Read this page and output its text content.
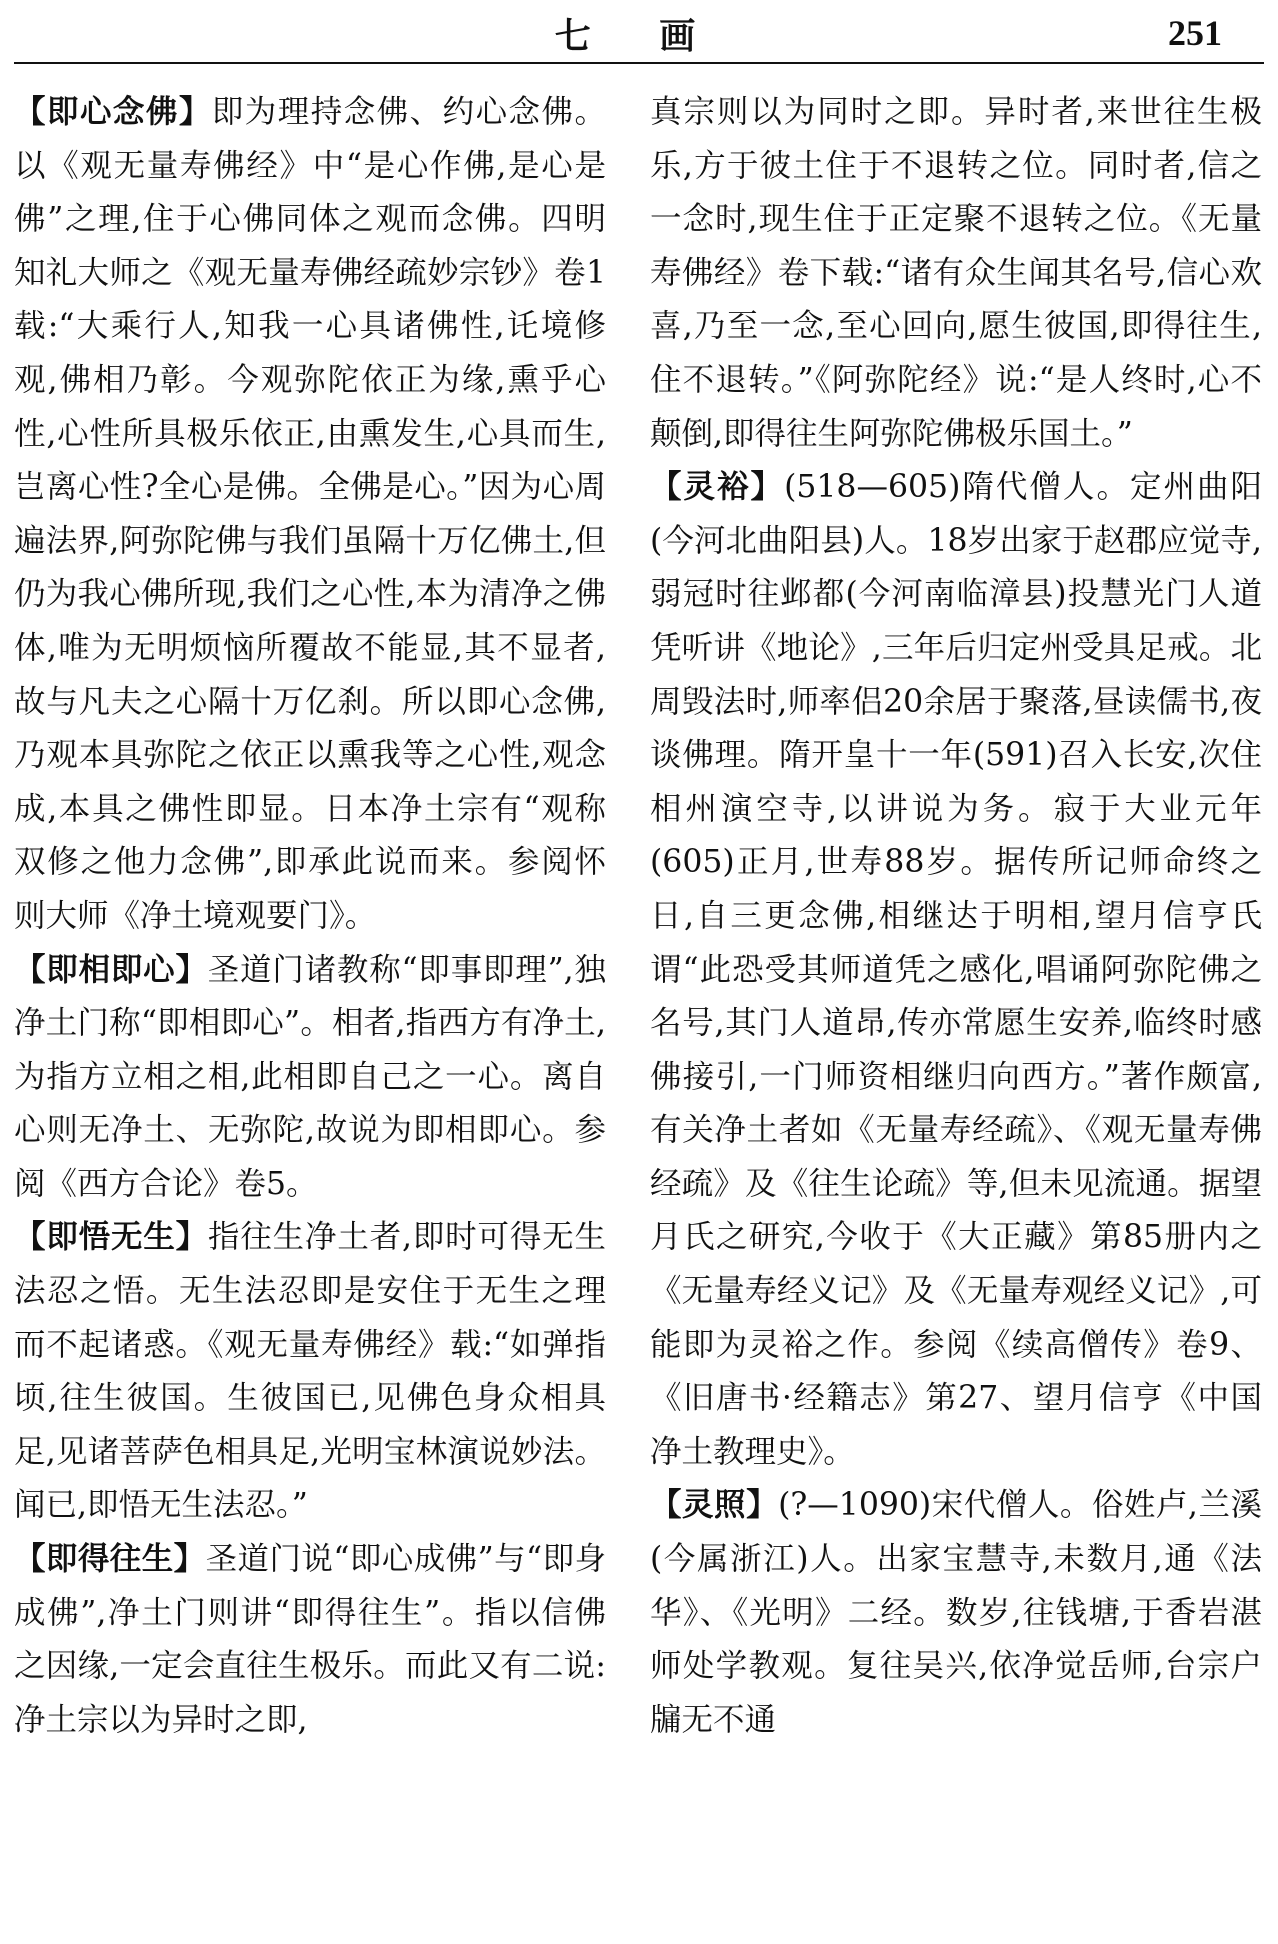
七 画	251

【即心念佛】即为理持念佛、约心念佛。以《观无量寿佛经》中“是心作佛,是心是佛”之理,住于心佛同体之观而念佛。四明知礼大师之《观无量寿佛经疏妙宗钞》卷1载:“大乘行人,知我一心具诸佛性,讬境修观,佛相乃彰。今观弥陀依正为缘,熏乎心性,心性所具极乐依正,由熏发生,心具而生,岂离心性?全心是佛。全佛是心。”因为心周遍法界,阿弥陀佛与我们虽隔十万亿佛土,但仍为我心佛所现,我们之心性,本为清净之佛体,唯为无明烦恼所覆故不能显,其不显者,故与凡夫之心隔十万亿刹。所以即心念佛,乃观本具弥陀之依正以熏我等之心性,观念成,本具之佛性即显。日本净土宗有“观称双修之他力念佛”,即承此说而来。参阅怀则大师《净土境观要门》。

【即相即心】圣道门诸教称“即事即理”,独净土门称“即相即心”。相者,指西方有净土,为指方立相之相,此相即自己之一心。离自心则无净土、无弥陀,故说为即相即心。参阅《西方合论》卷5。

【即悟无生】指往生净土者,即时可得无生法忍之悟。无生法忍即是安住于无生之理而不起诸惑。《观无量寿佛经》载:“如弹指顷,往生彼国。生彼国已,见佛色身众相具足,见诸菩萨色相具足,光明宝林演说妙法。闻已,即悟无生法忍。”

【即得往生】圣道门说“即心成佛”与“即身成佛”,净土门则讲“即得往生”。指以信佛之因缘,一定会直往生极乐。而此又有二说:净土宗以为异时之即,

真宗则以为同时之即。异时者,来世往生极乐,方于彼土住于不退转之位。同时者,信之一念时,现生住于正定聚不退转之位。《无量寿佛经》卷下载:“诸有众生闻其名号,信心欢喜,乃至一念,至心回向,愿生彼国,即得往生,住不退转。”《阿弥陀经》说:“是人终时,心不颠倒,即得往生阿弥陀佛极乐国土。”

【灵裕】(518—605)隋代僧人。定州曲阳(今河北曲阳县)人。18岁出家于赵郡应觉寺,弱冠时往邺都(今河南临漳县)投慧光门人道凭听讲《地论》,三年后归定州受具足戒。北周毁法时,师率侣20余居于聚落,昼读儒书,夜谈佛理。隋开皇十一年(591)召入长安,次住相州演空寺,以讲说为务。寂于大业元年(605)正月,世寿88岁。据传所记师命终之日,自三更念佛,相继达于明相,望月信亨氏谓“此恐受其师道凭之感化,唱诵阿弥陀佛之名号,其门人道昂,传亦常愿生安养,临终时感佛接引,一门师资相继归向西方。”著作颇富,有关净土者如《无量寿经疏》、《观无量寿佛经疏》及《往生论疏》等,但未见流通。据望月氏之研究,今收于《大正藏》第85册内之《无量寿经义记》及《无量寿观经义记》,可能即为灵裕之作。参阅《续高僧传》卷9、《旧唐书·经籍志》第27、望月信亨《中国净土教理史》。

【灵照】(?—1090)宋代僧人。俗姓卢,兰溪(今属浙江)人。出家宝慧寺,未数月,通《法华》、《光明》二经。数岁,往钱塘,于香岩湛师处学教观。复往吴兴,依净觉岳师,台宗户牖无不通
